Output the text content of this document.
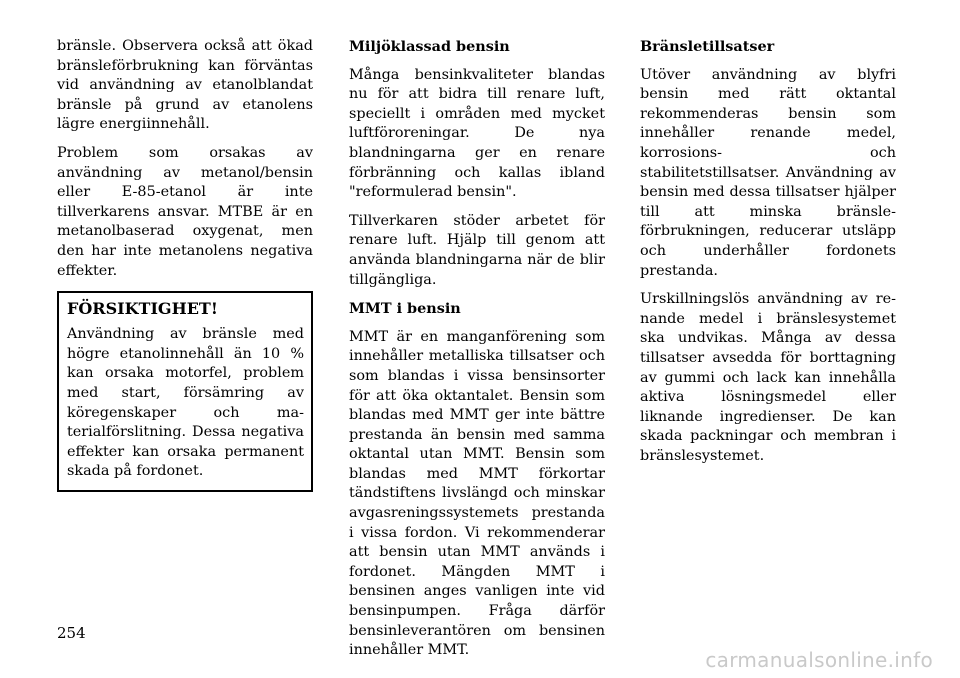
bränsle. Observera också att ökad bränsleförbrukning kan förväntas vid användning av etanolblandat bränsle på grund av etanolens lägre energiinnehåll.

Problem som orsakas av användning av metanol/bensin eller E-85-etanol är inte tillverkarens ansvar. MTBE är en metanolbaserad oxygenat, men den har inte metanolens negativa effekter.

FÖRSIKTIGHET!

Användning av bränsle med högre etanolinnehåll än 10 % kan orsaka motorfel, problem med start, försämring av köregenskaper och materialförslitning. Dessa negativa effekter kan orsaka permanent skada på fordonet.

Miljöklassad bensin

Många bensinkvaliteter blandas nu för att bidra till renare luft, speciellt i områden med mycket luftföroreningar. De nya blandningarna ger en renare förbränning och kallas ibland "reformulerad bensin".

Tillverkaren stöder arbetet för renare luft. Hjälp till genom att använda blandningarna när de blir tillgängliga.

MMT i bensin

MMT är en manganförening som innehåller metalliska tillsatser och som blandas i vissa bensinsorter för att öka oktantalet. Bensin som blandas med MMT ger inte bättre prestanda än bensin med samma oktantal utan MMT. Bensin som blandas med MMT förkortar tändstiftens livslängd och minskar avgasreningssystemets prestanda i vissa fordon. Vi rekommenderar att bensin utan MMT används i fordonet. Mängden MMT i bensinen anges vanligen inte vid bensinpumpen. Fråga därför bensinleverantören om bensinen innehåller MMT.

Bränsletillsatser

Utöver användning av blyfri bensin med rätt oktantal rekommenderas bensin som innehåller renande medel, korrosions- och stabilitetstillsatser. Användning av bensin med dessa tillsatser hjälper till att minska bränsleförbrukningen, reducerar utsläpp och underhåller fordonets prestanda.

Urskillningslös användning av renande medel i bränslesystemet ska undvikas. Många av dessa tillsatser avsedda för borttagning av gummi och lack kan innehålla aktiva lösningsmedel eller liknande ingredienser. De kan skada packningar och membran i bränslesystemet.

254
carmanualsonline.info
